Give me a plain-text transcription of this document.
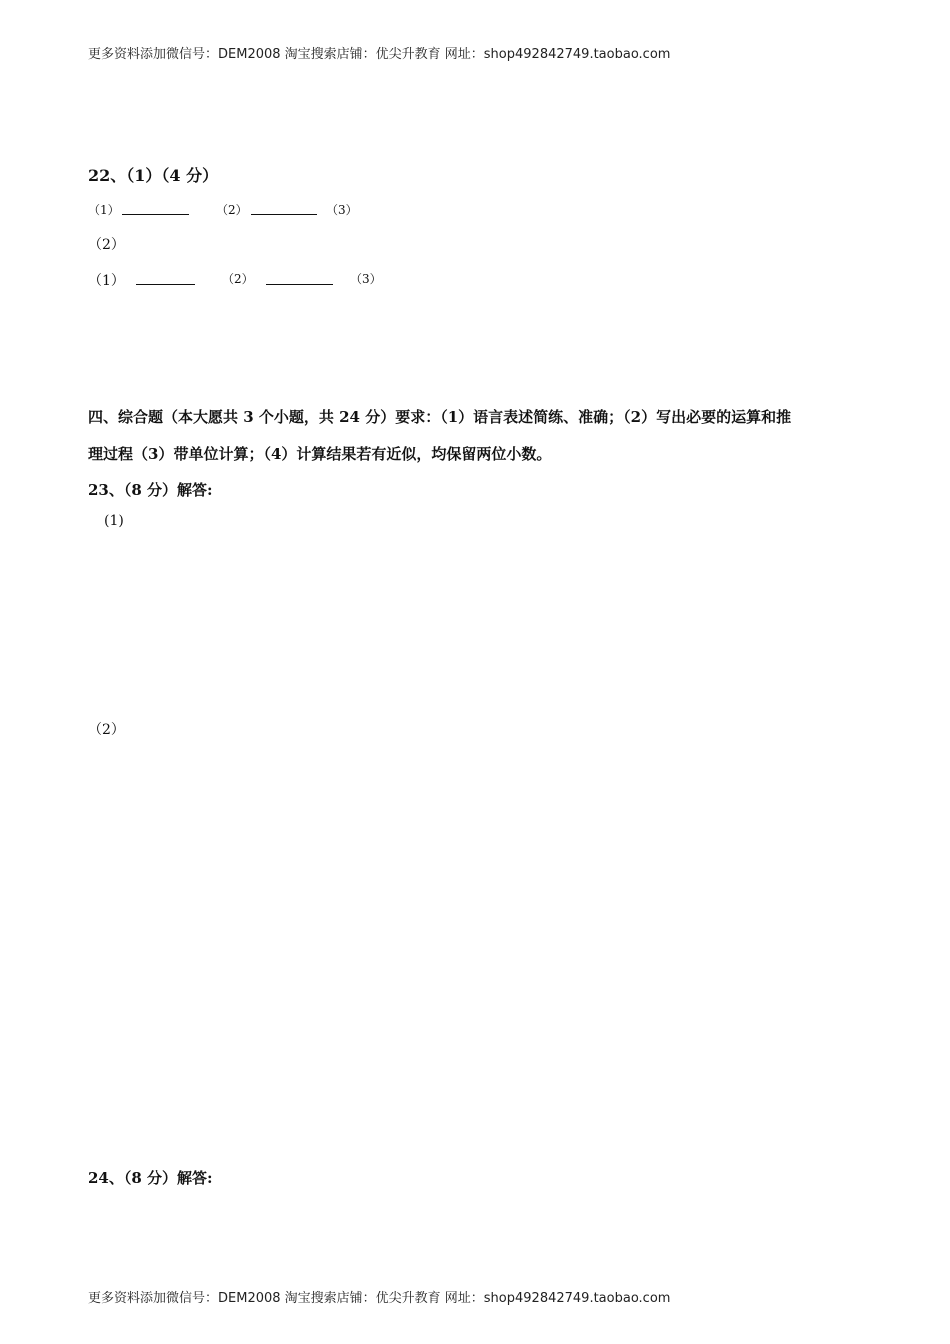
更多资料添加微信号：DEM2008 淘宝搜索店铺：优尖升教育 网址：shop492842749.taobao.com
22、（1）（4 分）
（1）	（2）	（3）
（2）
（1）	（2）	（3）
四、综合题（本大愿共 3 个小题，共 24 分）要求：（1）语言表述简练、准确；（2）写出必要的运算和推
理过程（3）带单位计算；（4）计算结果若有近似，均保留两位小数。
23、（8 分）解答:
(1)
（2）
24、（8 分）解答:
更多资料添加微信号：DEM2008 淘宝搜索店铺：优尖升教育 网址：shop492842749.taobao.com
